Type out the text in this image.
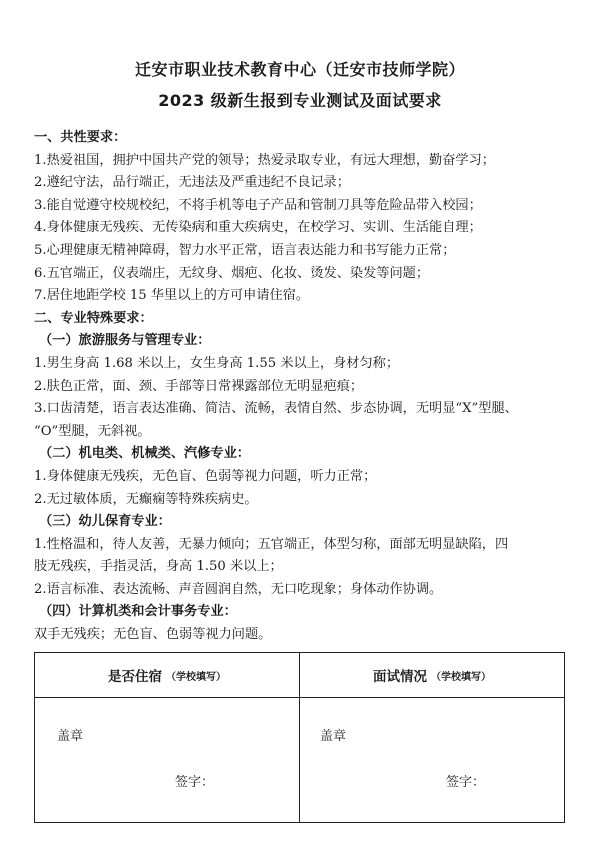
迁安市职业技术教育中心（迁安市技师学院）
2023 级新生报到专业测试及面试要求
一、共性要求：
1.热爱祖国，拥护中国共产党的领导；热爱录取专业，有远大理想，勤奋学习；
2.遵纪守法，品行端正，无违法及严重违纪不良记录；
3.能自觉遵守校规校纪，不将手机等电子产品和管制刀具等危险品带入校园；
4.身体健康无残疾、无传染病和重大疾病史，在校学习、实训、生活能自理；
5.心理健康无精神障碍，智力水平正常，语言表达能力和书写能力正常；
6.五官端正，仪表端庄，无纹身、烟疤、化妆、烫发、染发等问题；
7.居住地距学校 15 华里以上的方可申请住宿。
二、专业特殊要求：
（一）旅游服务与管理专业：
1.男生身高 1.68 米以上，女生身高 1.55 米以上，身材匀称；
2.肤色正常，面、颈、手部等日常裸露部位无明显疤痕；
3.口齿清楚，语言表达准确、简洁、流畅，表情自然、步态协调，无明显“X”型腿、
“O”型腿，无斜视。
（二）机电类、机械类、汽修专业：
1.身体健康无残疾，无色盲、色弱等视力问题，听力正常；
2.无过敏体质，无癫痫等特殊疾病史。
（三）幼儿保育专业：
1.性格温和，待人友善，无暴力倾向；五官端正，体型匀称，面部无明显缺陷，四
肢无残疾，手指灵活，身高 1.50 米以上；
2.语言标准、表达流畅、声音圆润自然，无口吃现象；身体动作协调。
（四）计算机类和会计事务专业：
双手无残疾；无色盲、色弱等视力问题。
是否住宿 （学校填写）
盖章
签字：
面试情况 （学校填写）
盖章
签字：
